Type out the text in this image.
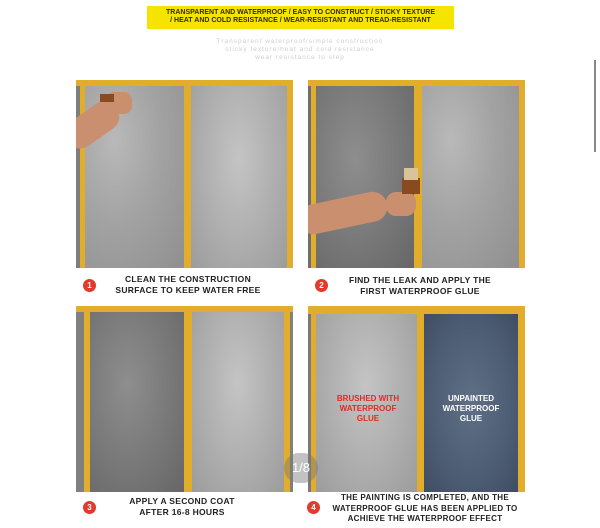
TRANSPARENT AND WATERPROOF / EASY TO CONSTRUCT / STICKY TEXTURE
/ HEAT AND COLD RESISTANCE / WEAR-RESISTANT AND TREAD-RESISTANT
Transparent waterproof/simple construction
sticky texture/heat and cold resistance
wear resistance to step
1
CLEAN THE CONSTRUCTION
SURFACE TO KEEP WATER FREE	2
FIND THE LEAK AND APPLY THE
FIRST WATERPROOF GLUE
BRUSHED WITH
WATERPROOF
GLUE
UNPAINTED
WATERPROOF
GLUE
3
APPLY A SECOND COAT
AFTER 16-8 HOURS	4
THE PAINTING IS COMPLETED, AND THE
WATERPROOF GLUE HAS BEEN APPLIED TO
ACHIEVE THE WATERPROOF EFFECT
1/8
